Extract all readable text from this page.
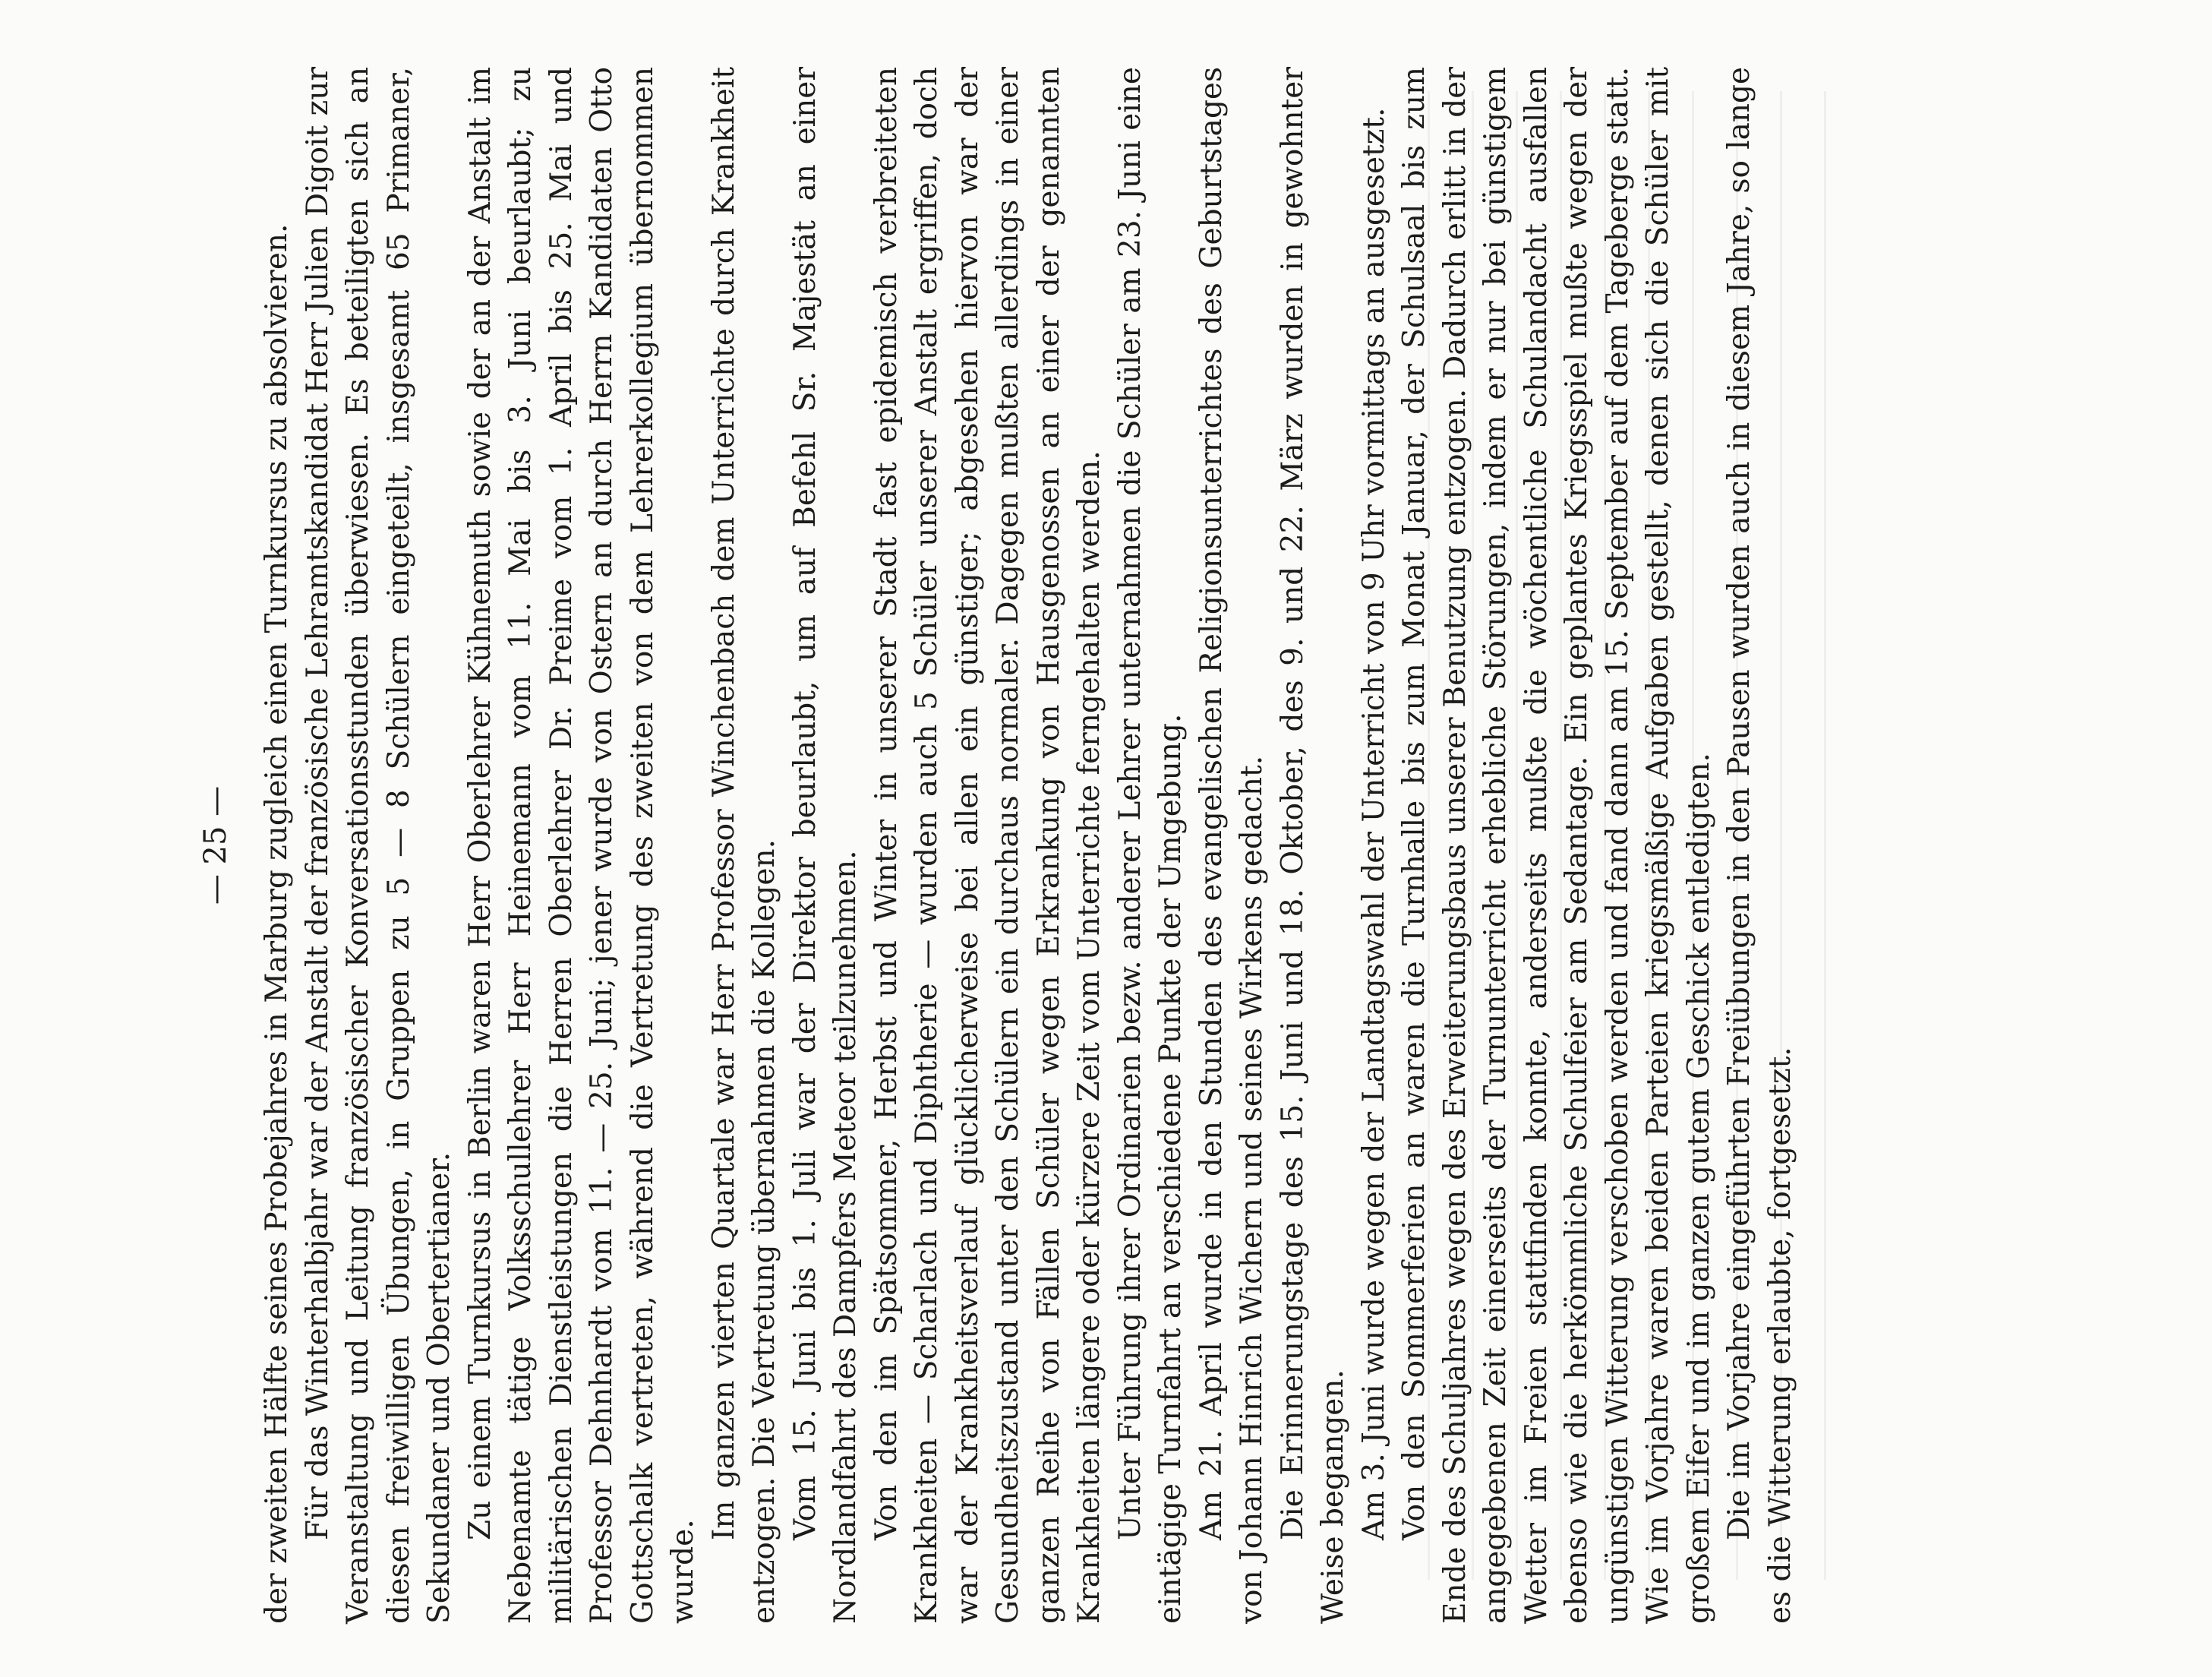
— 25 — der zweiten Hälfte seines Probejahres in Marburg zugleich einen Turnkursus zu absolvieren. Für das Winterhalbjahr war der Anstalt der französische Lehramtskandidat Herr Julien Digoit zur Veranstaltung und Leitung französischer Konversationsstunden überwiesen. Es beteiligten sich an diesen freiwilligen Übungen, in Gruppen zu 5 — 8 Schülern eingeteilt, insgesamt 65 Primaner, Sekundaner und Obertertianer. Zu einem Turnkursus in Berlin waren Herr Oberlehrer Kühnemuth sowie der an der Anstalt im Nebenamte tätige Volksschullehrer Herr Heinemann vom 11. Mai bis 3. Juni beurlaubt; zu militärischen Dienstleistungen die Herren Oberlehrer Dr. Preime vom 1. April bis 25. Mai und Professor Dehnhardt vom 11. — 25. Juni; jener wurde von Ostern an durch Herrn Kandidaten Otto Gottschalk vertreten, während die Vertretung des zweiten von dem Lehrerkollegium übernommen wurde.

Im ganzen vierten Quartale war Herr Professor Winchenbach dem Unterrichte durch Krankheit entzogen. Die Vertretung übernahmen die Kollegen. Vom 15. Juni bis 1. Juli war der Direktor beurlaubt, um auf Befehl Sr. Majestät an einer Nordlandfahrt des Dampfers Meteor teilzunehmen. Von den im Spätsommer, Herbst und Winter in unserer Stadt fast epidemisch verbreiteten Krankheiten — Scharlach und Diphtherie — wurden auch 5 Schüler unserer Anstalt ergriffen, doch war der Krankheitsverlauf glücklicherweise bei allen ein günstiger; abgesehen hiervon war der Gesundheitszustand unter den Schülern ein durchaus normaler. Dagegen mußten allerdings in einer ganzen Reihe von Fällen Schüler wegen Erkrankung von Hausgenossen an einer der genannten Krankheiten längere oder kürzere Zeit vom Unterrichte ferngehalten werden. Unter Führung ihrer Ordinarien bezw. anderer Lehrer unternahmen die Schüler am 23. Juni eine eintägige Turnfahrt an verschiedene Punkte der Umgebung. Am 21. April wurde in den Stunden des evangelischen Religionsunterrichtes des Geburtstages von Johann Hinrich Wichern und seines Wirkens gedacht. Die Erinnerungstage des 15. Juni und 18. Oktober, des 9. und 22. März wurden in gewohnter Weise begangen. Am 3. Juni wurde wegen der Landtagswahl der Unterricht von 9 Uhr vormittags an ausgesetzt. Von den Sommerferien an waren die Turnhalle bis zum Monat Januar, der Schulsaal bis zum Ende des Schuljahres wegen des Erweiterungsbaus unserer Benutzung entzogen. Dadurch erlitt in der angegebenen Zeit einerseits der Turnunterricht erhebliche Störungen, indem er nur bei günstigem Wetter im Freien stattfinden konnte, anderseits mußte die wöchentliche Schulandacht ausfallen ebenso wie die herkömmliche Schulfeier am Sedantage. Ein geplantes Kriegsspiel mußte wegen der ungünstigen Witterung verschoben werden und fand dann am 15. September auf dem Tageberge statt. Wie im Vorjahre waren beiden Parteien kriegsmäßige Aufgaben gestellt, denen sich die Schüler mit großem Eifer und im ganzen gutem Geschick entledigten. Die im Vorjahre eingeführten Freiübungen in den Pausen wurden auch in diesem Jahre, so lange es die Witterung erlaubte, fortgesetzt.
